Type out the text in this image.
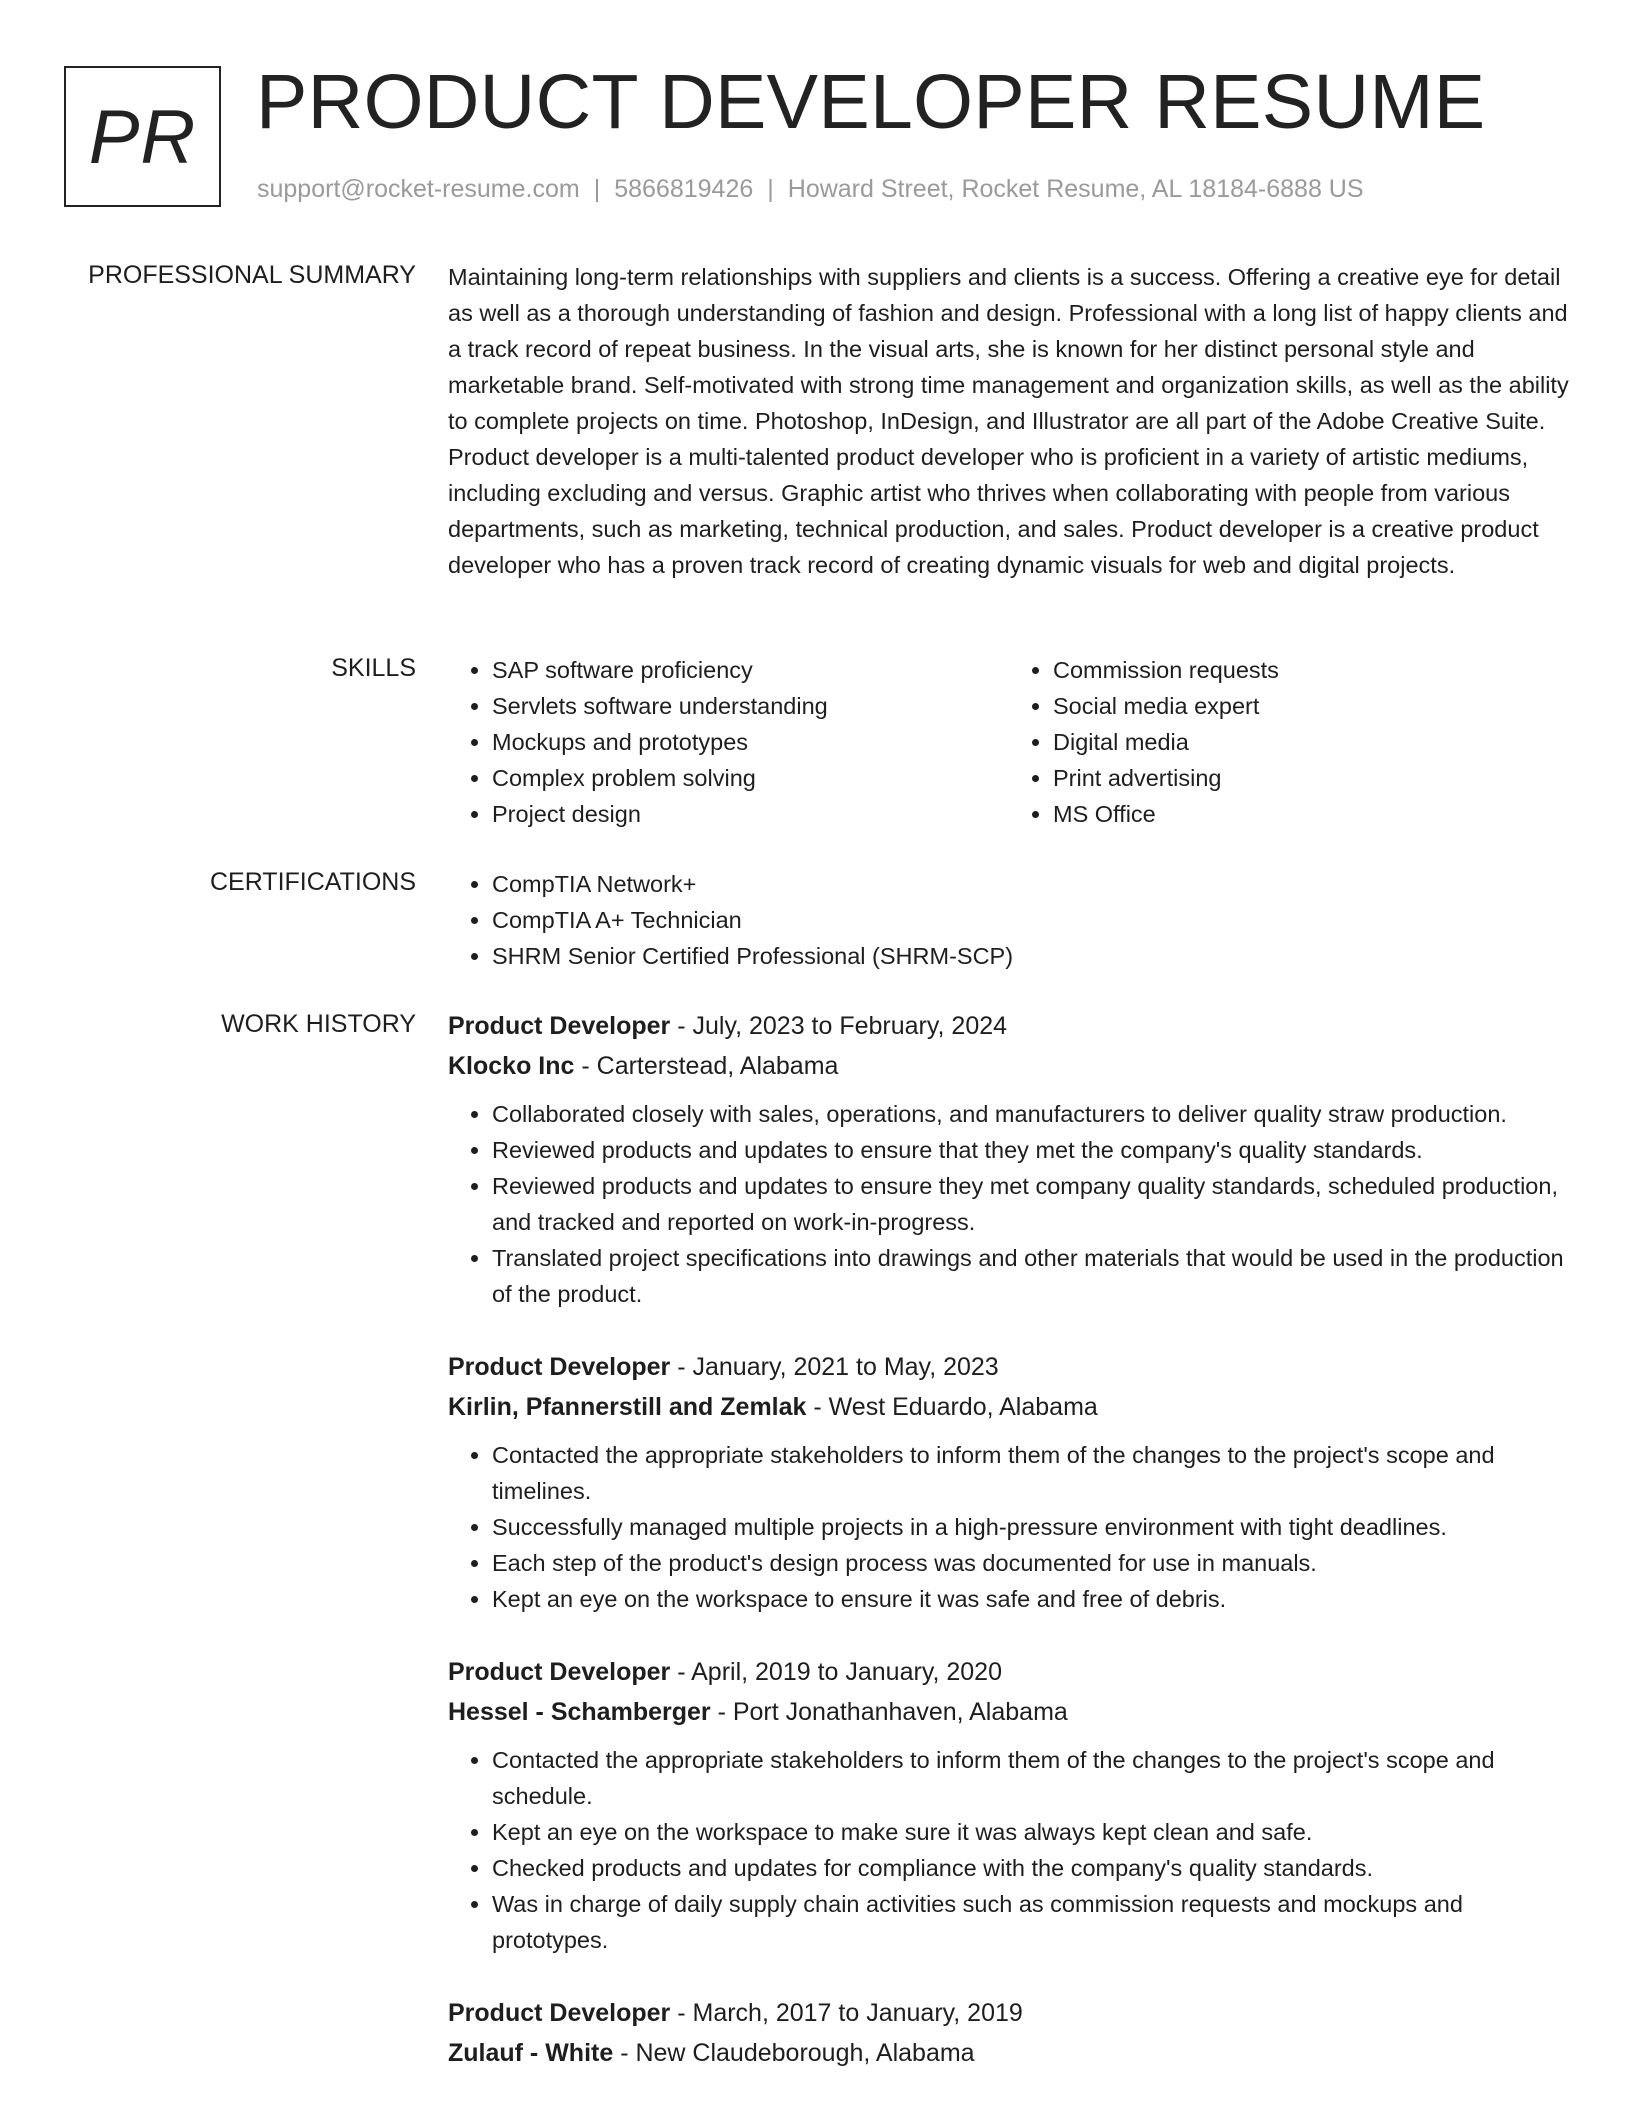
PR PRODUCT DEVELOPER RESUME
support@rocket-resume.com | 5866819426 | Howard Street, Rocket Resume, AL 18184-6888 US
PROFESSIONAL SUMMARY Maintaining long-term relationships with suppliers and clients is a success. Offering a creative eye for detail as well as a thorough understanding of fashion and design. Professional with a long list of happy clients and a track record of repeat business. In the visual arts, she is known for her distinct personal style and marketable brand. Self-motivated with strong time management and organization skills, as well as the ability to complete projects on time. Photoshop, InDesign, and Illustrator are all part of the Adobe Creative Suite. Product developer is a multi-talented product developer who is proficient in a variety of artistic mediums, including excluding and versus. Graphic artist who thrives when collaborating with people from various departments, such as marketing, technical production, and sales. Product developer is a creative product developer who has a proven track record of creating dynamic visuals for web and digital projects.

SKILLS	• SAP software proficiency
• Servlets software understanding
• Mockups and prototypes
• Complex problem solving
• Project design
• Commission requests
• Social media expert
• Digital media
• Print advertising
• MS Office
CERTIFICATIONS	• CompTIA Network+
• CompTIA A+ Technician
• SHRM Senior Certified Professional (SHRM-SCP)
WORK HISTORY Product Developer - July, 2023 to February, 2024
Klocko Inc - Carterstead, Alabama
• Collaborated closely with sales, operations, and manufacturers to deliver quality straw production.
• Reviewed products and updates to ensure that they met the company's quality standards.
• Reviewed products and updates to ensure they met company quality standards, scheduled production, and tracked and reported on work-in-progress.
• Translated project specifications into drawings and other materials that would be used in the production of the product.
Product Developer - January, 2021 to May, 2023
Kirlin, Pfannerstill and Zemlak - West Eduardo, Alabama
• Contacted the appropriate stakeholders to inform them of the changes to the project's scope and timelines.
• Successfully managed multiple projects in a high-pressure environment with tight deadlines.
• Each step of the product's design process was documented for use in manuals.
• Kept an eye on the workspace to ensure it was safe and free of debris.
Product Developer - April, 2019 to January, 2020
Hessel - Schamberger - Port Jonathanhaven, Alabama
• Contacted the appropriate stakeholders to inform them of the changes to the project's scope and schedule.
• Kept an eye on the workspace to make sure it was always kept clean and safe.
• Checked products and updates for compliance with the company's quality standards.
• Was in charge of daily supply chain activities such as commission requests and mockups and prototypes.
Product Developer - March, 2017 to January, 2019
Zulauf - White - New Claudeborough, Alabama
